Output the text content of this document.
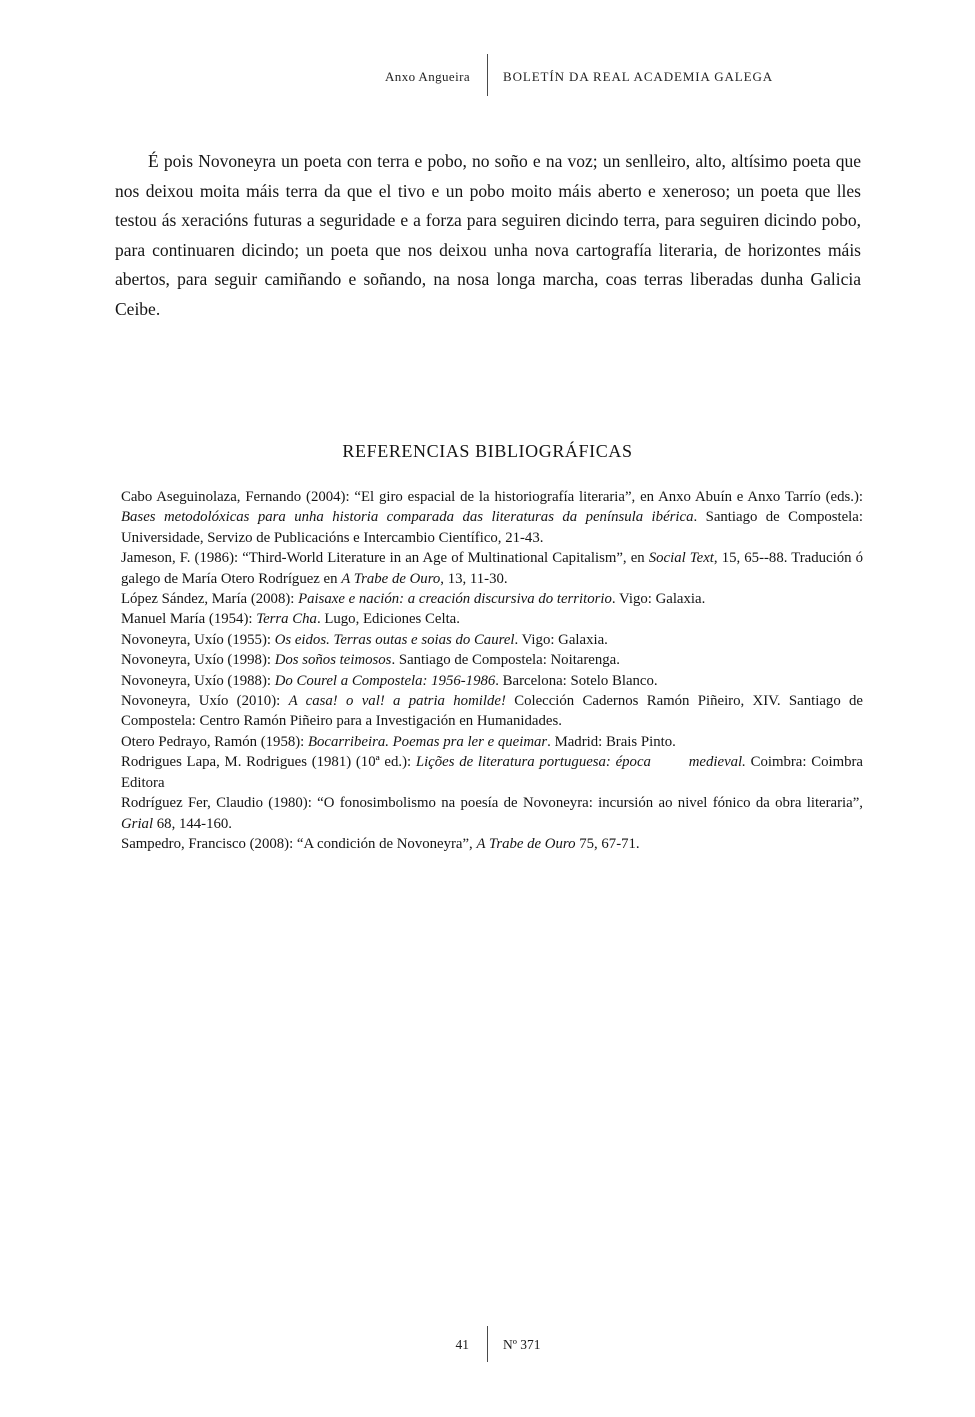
Anxo Angueira	BOLETÍN DA REAL ACADEMIA GALEGA

É pois Novoneyra un poeta con terra e pobo, no soño e na voz; un senlleiro, alto, altísimo poeta que nos deixou moita máis terra da que el tivo e un pobo moito máis aberto e xeneroso; un poeta que lles testou ás xeracións futuras a seguridade e a forza para seguiren dicindo terra, para seguiren dicindo pobo, para continuaren dicindo; un poeta que nos deixou unha nova cartografía literaria, de horizontes máis abertos, para seguir camiñando e soñando, na nosa longa marcha, coas terras liberadas dunha Galicia Ceibe.

REFERENCIAS BIBLIOGRÁFICAS
Cabo Aseguinolaza, Fernando (2004): “El giro espacial de la historiografía literaria”, en Anxo Abuín e Anxo Tarrío (eds.): Bases metodolóxicas para unha historia comparada das literaturas da península ibérica. Santiago de Compostela: Universidade, Servizo de Publicacións e Intercambio Científico, 21-43.
Jameson, F. (1986): “Third-World Literature in an Age of Multinational Capitalism”, en Social Text, 15, 65--88. Tradución ó galego de María Otero Rodríguez en A Trabe de Ouro, 13, 11-30.
López Sández, María (2008): Paisaxe e nación: a creación discursiva do territorio. Vigo: Galaxia.
Manuel María (1954): Terra Cha. Lugo, Ediciones Celta.
Novoneyra, Uxío (1955): Os eidos. Terras outas e soias do Caurel. Vigo: Galaxia.
Novoneyra, Uxío (1998): Dos soños teimosos. Santiago de Compostela: Noitarenga.
Novoneyra, Uxío (1988): Do Courel a Compostela: 1956-1986. Barcelona: Sotelo Blanco.
Novoneyra, Uxío (2010): A casa! o val! a patria homilde! Colección Cadernos Ramón Piñeiro, XIV. Santiago de Compostela: Centro Ramón Piñeiro para a Investigación en Humanidades.
Otero Pedrayo, Ramón (1958): Bocarribeira. Poemas pra ler e queimar. Madrid: Brais Pinto.
Rodrigues Lapa, M. Rodrigues (1981) (10ª ed.): Lições de literatura portuguesa: época        medieval. Coimbra: Coimbra Editora
Rodríguez Fer, Claudio (1980): “O fonosimbolismo na poesía de Novoneyra: incursión ao nivel fónico da obra literaria”, Grial 68, 144-160.
Sampedro, Francisco (2008): “A condición de Novoneyra”, A Trabe de Ouro 75, 67-71.
41	Nº 371
